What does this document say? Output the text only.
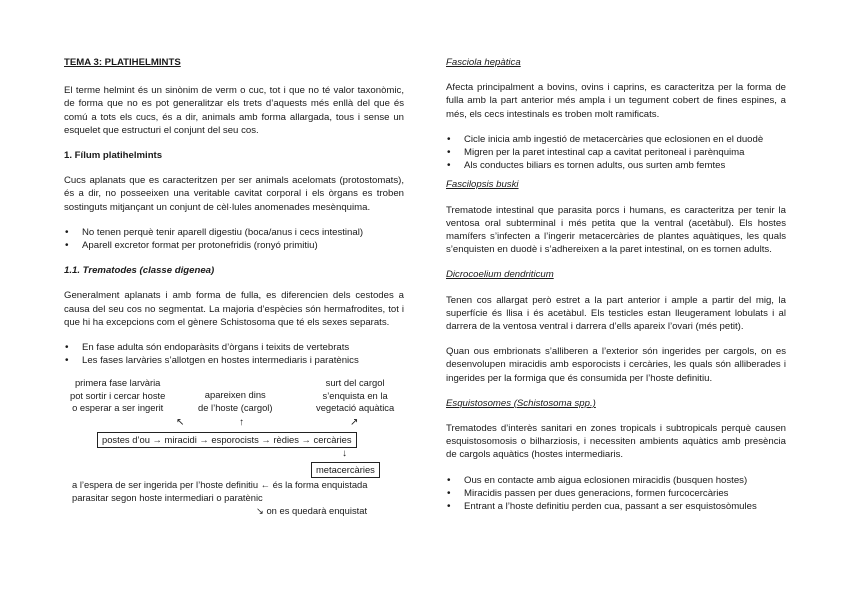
TEMA 3: PLATIHELMINTS

El terme helmint és un sinònim de verm o cuc, tot i que no té valor taxonòmic, de forma que no es pot generalitzar els trets d’aquests més enllà del que és comú a tots els cucs, és a dir, animals amb forma allargada, tous i sense un esquelet que estructuri el conjunt del seu cos.

1. Fílum platihelmints

Cucs aplanats que es caracteritzen per ser animals acelomats (protostomats), és a dir, no posseeixen una veritable cavitat corporal i els òrgans es troben sostinguts mitjançant un conjunt de cèl·lules anomenades mesènquima.

• No tenen perquè tenir aparell digestiu (boca/anus i cecs intestinal)
• Aparell excretor format per protonefridis (ronyó primitiu)

1.1. Trematodes (classe digenea)

Generalment aplanats i amb forma de fulla, es diferencien dels cestodes a causa del seu cos no segmentat. La majoria d’espècies són hermafrodites, tot i que hi ha excepcions com el gènere Schistosoma que té els sexes separats.

• En fase adulta són endoparàsits d’òrgans i teixits de vertebrats
• Les fases larvàries s’allotgen en hostes intermediaris i paratènics
primera fase larvària
pot sortir i cercar hoste
o esperar a ser ingerit
apareixen dins
de l’hoste (cargol)
surt del cargol
s’enquista en la
vegetació aquàtica
↖	↑	↗
postes d’ou → miracidi → esporocists → rèdies → cercàries
↓
metacercàries
a l’espera de ser ingerida per l’hoste definitiu ← és la forma enquistada
parasitar segon hoste intermediari o paratènic
↘ on es quedarà enquistat

Fasciola hepàtica

Afecta principalment a bovins, ovins i caprins, es caracteritza per la forma de fulla amb la part anterior més ampla i un tegument cobert de fines espines, a més, els cecs intestinals es troben molt ramificats.

• Cicle inicia amb ingestió de metacercàries que eclosionen en el duodè
• Migren per la paret intestinal cap a cavitat peritoneal i parènquima
• Als conductes biliars es tornen adults, ous surten amb femtes

Fascilopsis buski

Trematode intestinal que parasita porcs i humans, es caracteritza per tenir la ventosa oral subterminal i més petita que la ventral (acetàbul). Els hostes mamífers s’infecten a l’ingerir metacercàries de plantes aquàtiques, les quals s’enquisten en duodè i s’adhereixen a la paret intestinal, on es tornen adults.

Dicrocoelium dendriticum

Tenen cos allargat però estret a la part anterior i ample a partir del mig, la superfície és llisa i és acetàbul. Els testicles estan lleugerament lobulats i al darrera de la ventosa ventral i darrera d’ells apareix l’ovari (més petit).

Quan ous embrionats s’alliberen a l’exterior són ingerides per cargols, on es desenvolupen miracidis amb esporocists i cercàries, les quals són alliberades i ingerides per la formiga que és consumida per l’hoste definitiu.

Esquistosomes (Schistosoma spp.)

Trematodes d’interès sanitari en zones tropicals i subtropicals perquè causen esquistosomosis o bilharziosis, i necessiten ambients aquàtics amb presència de cargols aquàtics (hostes intermediaris.

• Ous en contacte amb aigua eclosionen miracidis (busquen hostes)
• Miracidis passen per dues generacions, formen furcocercàries
• Entrant a l’hoste definitiu perden cua, passant a ser esquistosòmules
